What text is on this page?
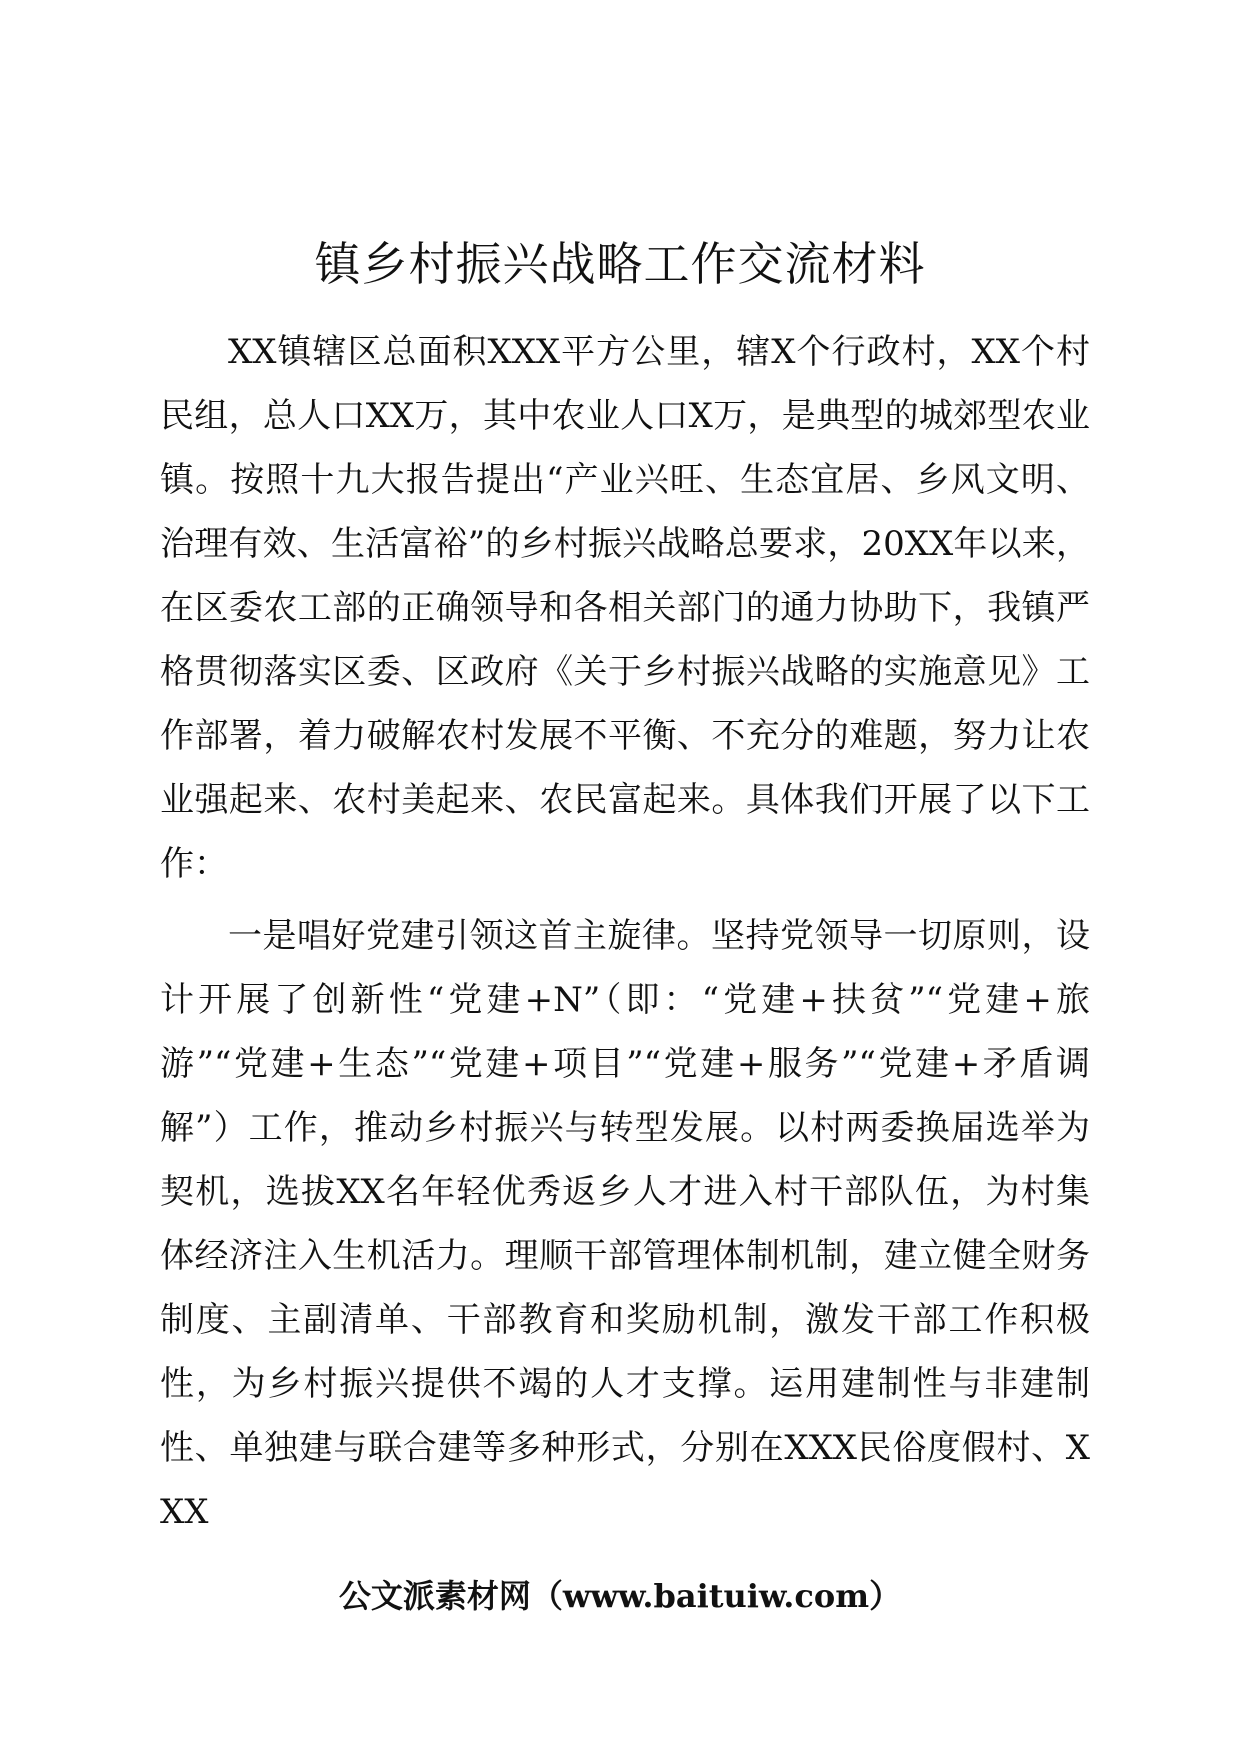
镇乡村振兴战略工作交流材料

XX镇辖区总面积XXX平方公里，辖X个行政村，XX个村民组，总人口XX万，其中农业人口X万，是典型的城郊型农业镇。按照十九大报告提出“产业兴旺、生态宜居、乡风文明、治理有效、生活富裕”的乡村振兴战略总要求，20XX年以来，在区委农工部的正确领导和各相关部门的通力协助下，我镇严格贯彻落实区委、区政府《关于乡村振兴战略的实施意见》工作部署，着力破解农村发展不平衡、不充分的难题，努力让农业强起来、农村美起来、农民富起来。具体我们开展了以下工作：

一是唱好党建引领这首主旋律。坚持党领导一切原则，设计开展了创新性“党建+N”（即：“党建+扶贫”“党建+旅游”“党建+生态”“党建+项目”“党建+服务”“党建+矛盾调解”）工作，推动乡村振兴与转型发展。以村两委换届选举为契机，选拔XX名年轻优秀返乡人才进入村干部队伍，为村集体经济注入生机活力。理顺干部管理体制机制，建立健全财务制度、主副清单、干部教育和奖励机制，激发干部工作积极性，为乡村振兴提供不竭的人才支撑。运用建制性与非建制性、单独建与联合建等多种形式，分别在XXX民俗度假村、XXX

公文派素材网（www.baituiw.com）
